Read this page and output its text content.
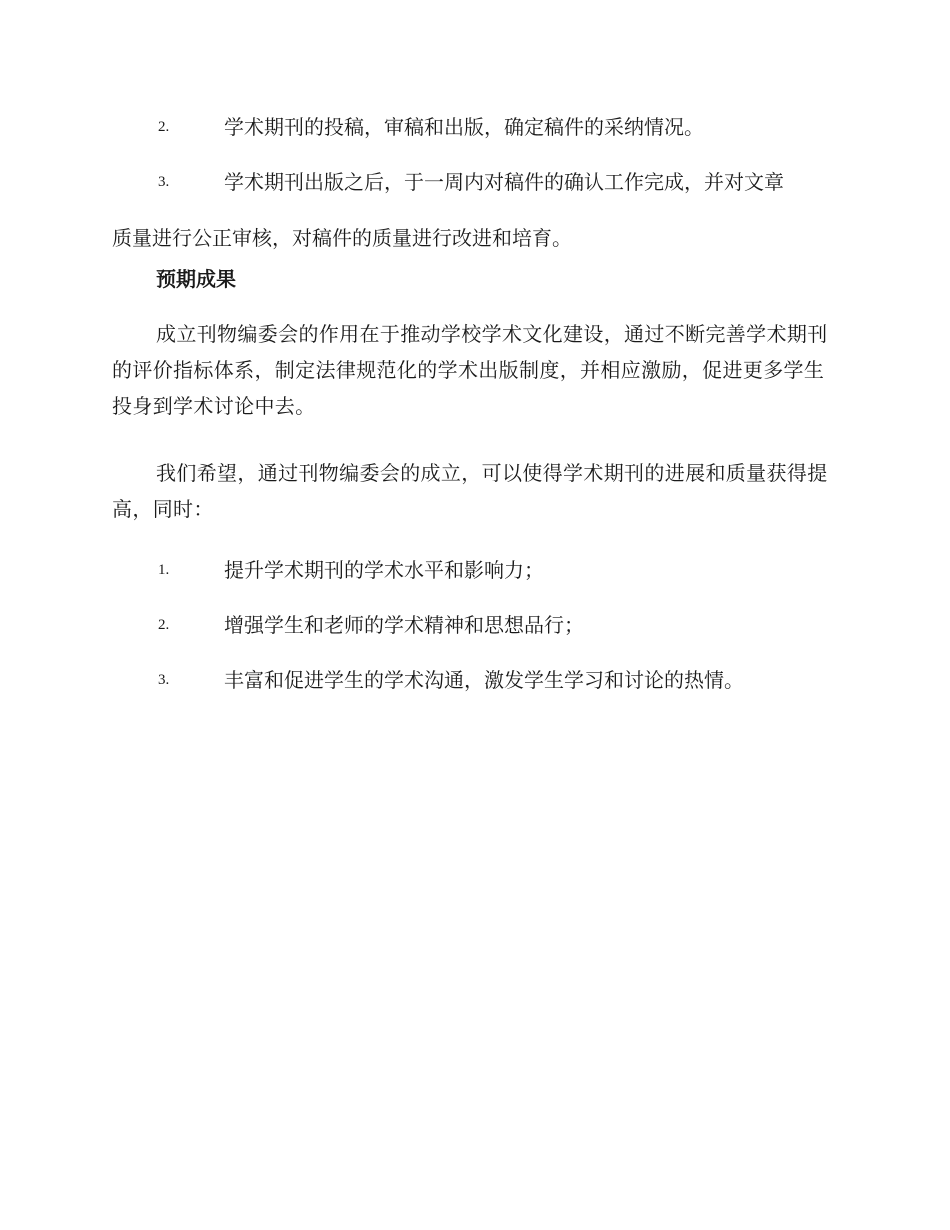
2.	学术期刊的投稿，审稿和出版，确定稿件的采纳情况。
3.	学术期刊出版之后，于一周内对稿件的确认工作完成，并对文章
质量进行公正审核，对稿件的质量进行改进和培育。
预期成果
成立刊物编委会的作用在于推动学校学术文化建设，通过不断完善学术期刊的评价指标体系，制定法律规范化的学术出版制度，并相应激励，促进更多学生投身到学术讨论中去。
我们希望，通过刊物编委会的成立，可以使得学术期刊的进展和质量获得提高，同时：
1.	提升学术期刊的学术水平和影响力；
2.	增强学生和老师的学术精神和思想品行；
3.	丰富和促进学生的学术沟通，激发学生学习和讨论的热情。
